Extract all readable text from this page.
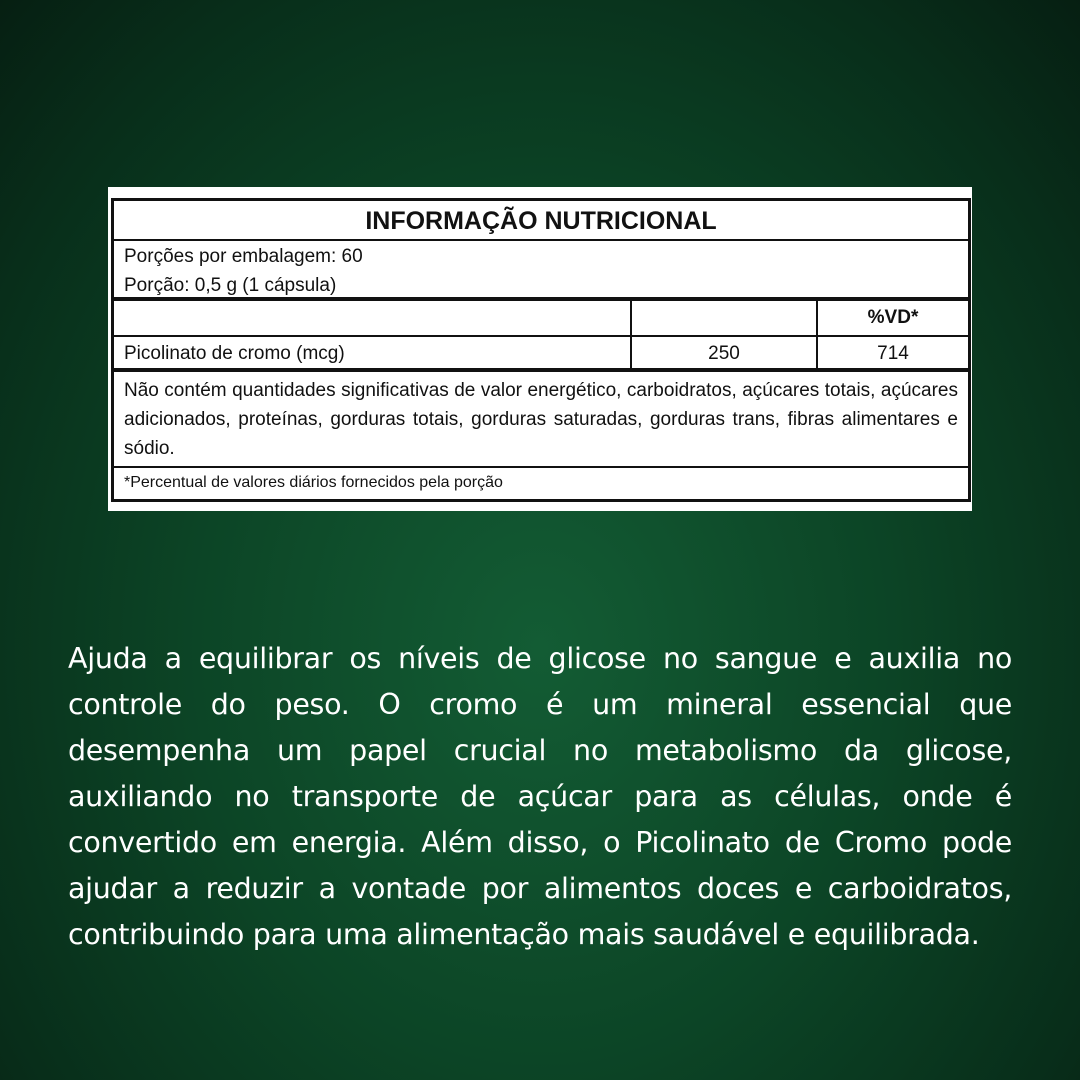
INFORMAÇÃO NUTRICIONAL
Porções por embalagem: 60
Porção: 0,5 g (1 cápsula)
%VD*
Picolinato de cromo (mcg)	250	714
Não contém quantidades significativas de valor energético, carboidratos, açúcares totais, açúcares adicionados, proteínas, gorduras totais, gorduras saturadas, gorduras trans, fibras alimentares e sódio.
*Percentual de valores diários fornecidos pela porção

Ajuda a equilibrar os níveis de glicose no sangue e auxilia no controle do peso. O cromo é um mineral essencial que desempenha um papel crucial no metabolismo da glicose, auxiliando no transporte de açúcar para as células, onde é convertido em energia. Além disso, o Picolinato de Cromo pode ajudar a reduzir a vontade por alimentos doces e carboidratos, contribuindo para uma alimentação mais saudável e equilibrada.
